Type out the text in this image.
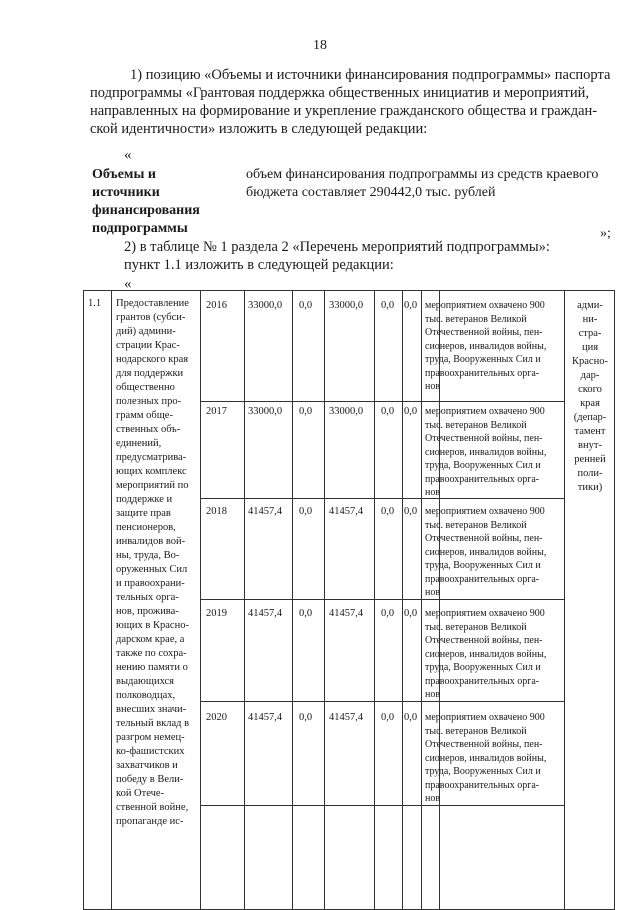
18
1) позицию «Объемы и источники финансирования подпрограммы» паспорта
подпрограммы «Грантовая поддержка общественных инициатив и мероприятий,
направленных на формирование и укрепление гражданского общества и граждан-
ской идентичности» изложить в следующей редакции:
«
Объемы и источники финансирования подпрограммы
объем финансирования подпрограммы из средств краевого бюджета составляет 290442,0 тыс. рублей
»;
2) в таблице № 1 раздела 2 «Перечень мероприятий подпрограммы»:
пункт 1.1 изложить в следующей редакции:
«
1.1 Предоставление
грантов (субси-
дий) админи-
страции Крас-
нодарского края
для поддержки
общественно
полезных про-
грамм обще-
ственных объ-
единений,
предусматрива-
ющих комплекс
мероприятий по
поддержке и
защите прав
пенсионеров,
инвалидов вой-
ны, труда, Во-
оруженных Сил
и правоохрани-
тельных орга-
нов, прожива-
ющих в Красно-
дарском крае, а
также по сохра-
нению памяти о
выдающихся
полководцах,
внесших значи-
тельный вклад в
разгром немец-
ко-фашистских
захватчиков и
победу в Вели-
кой Отече-
ственной войне,
пропаганде ис-
адми-
ни-
стра-
ция
Красно-
дар-
ского
края
(депар-
тамент
внут-
ренней
поли-
тики)
2016 33000,0 0,0 33000,0 0,0 0,0 мероприятием охвачено 900
тыс. ветеранов Великой
Отечественной войны, пен-
сионеров, инвалидов войны,
труда, Вооруженных Сил и
правоохранительных орга-
нов
2017 33000,0 0,0 33000,0 0,0 0,0 мероприятием охвачено 900
тыс. ветеранов Великой
Отечественной войны, пен-
сионеров, инвалидов войны,
труда, Вооруженных Сил и
правоохранительных орга-
нов
2018 41457,4 0,0 41457,4 0,0 0,0 мероприятием охвачено 900
тыс. ветеранов Великой
Отечественной войны, пен-
сионеров, инвалидов войны,
труда, Вооруженных Сил и
правоохранительных орга-
нов
2019 41457,4 0,0 41457,4 0,0 0,0 мероприятием охвачено 900
тыс. ветеранов Великой
Отечественной войны, пен-
сионеров, инвалидов войны,
труда, Вооруженных Сил и
правоохранительных орга-
нов
2020 41457,4 0,0 41457,4 0,0 0,0 мероприятием охвачено 900
тыс. ветеранов Великой
Отечественной войны, пен-
сионеров, инвалидов войны,
труда, Вооруженных Сил и
правоохранительных орга-
нов
